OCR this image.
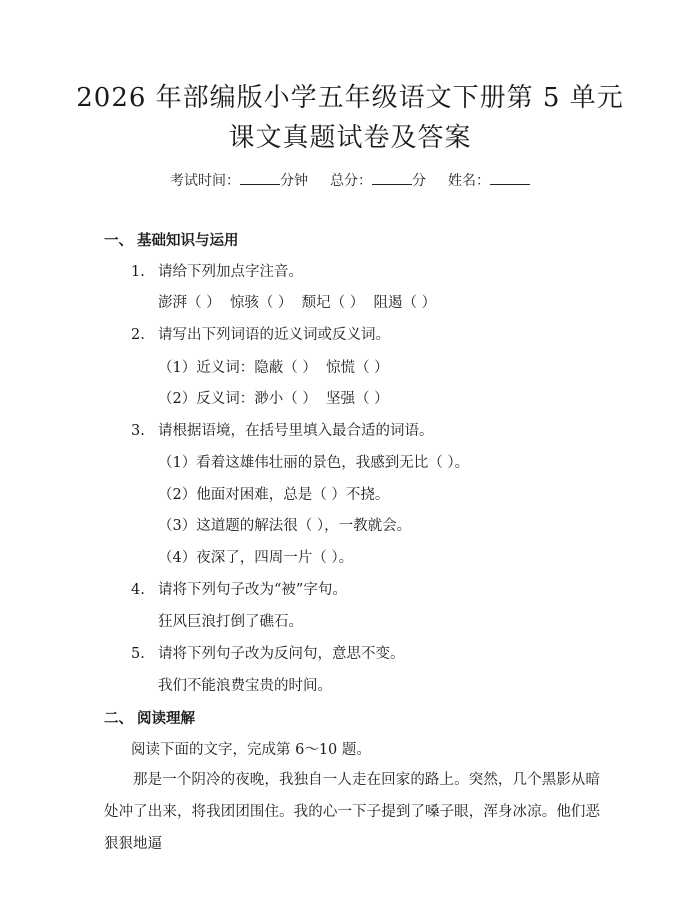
2026 年部编版小学五年级语文下册第 5 单元
课文真题试卷及答案
考试时间：	分钟 总分：	分 姓名：
一、 基础知识与运用
1. 请给下列加点字注音。
澎湃（ ）  惊骇（ ）  颓圮（ ）  阻遏（ ）
2. 请写出下列词语的近义词或反义词。
（1）近义词：隐蔽（ ）  惊慌（ ）
（2）反义词：渺小（ ）  坚强（ ）
3. 请根据语境，在括号里填入最合适的词语。
（1）看着这雄伟壮丽的景色，我感到无比（ ）。
（2）他面对困难，总是（ ）不挠。
（3）这道题的解法很（ ），一教就会。
（4）夜深了，四周一片（ ）。
4. 请将下列句子改为“被”字句。
狂风巨浪打倒了礁石。
5. 请将下列句子改为反问句，意思不变。
我们不能浪费宝贵的时间。
二、 阅读理解
阅读下面的文字，完成第 6～10 题。
那是一个阴冷的夜晚，我独自一人走在回家的路上。突然，几个黑影从暗处冲了出来，将我团团围住。我的心一下子提到了嗓子眼，浑身冰凉。他们恶狠狠地逼
